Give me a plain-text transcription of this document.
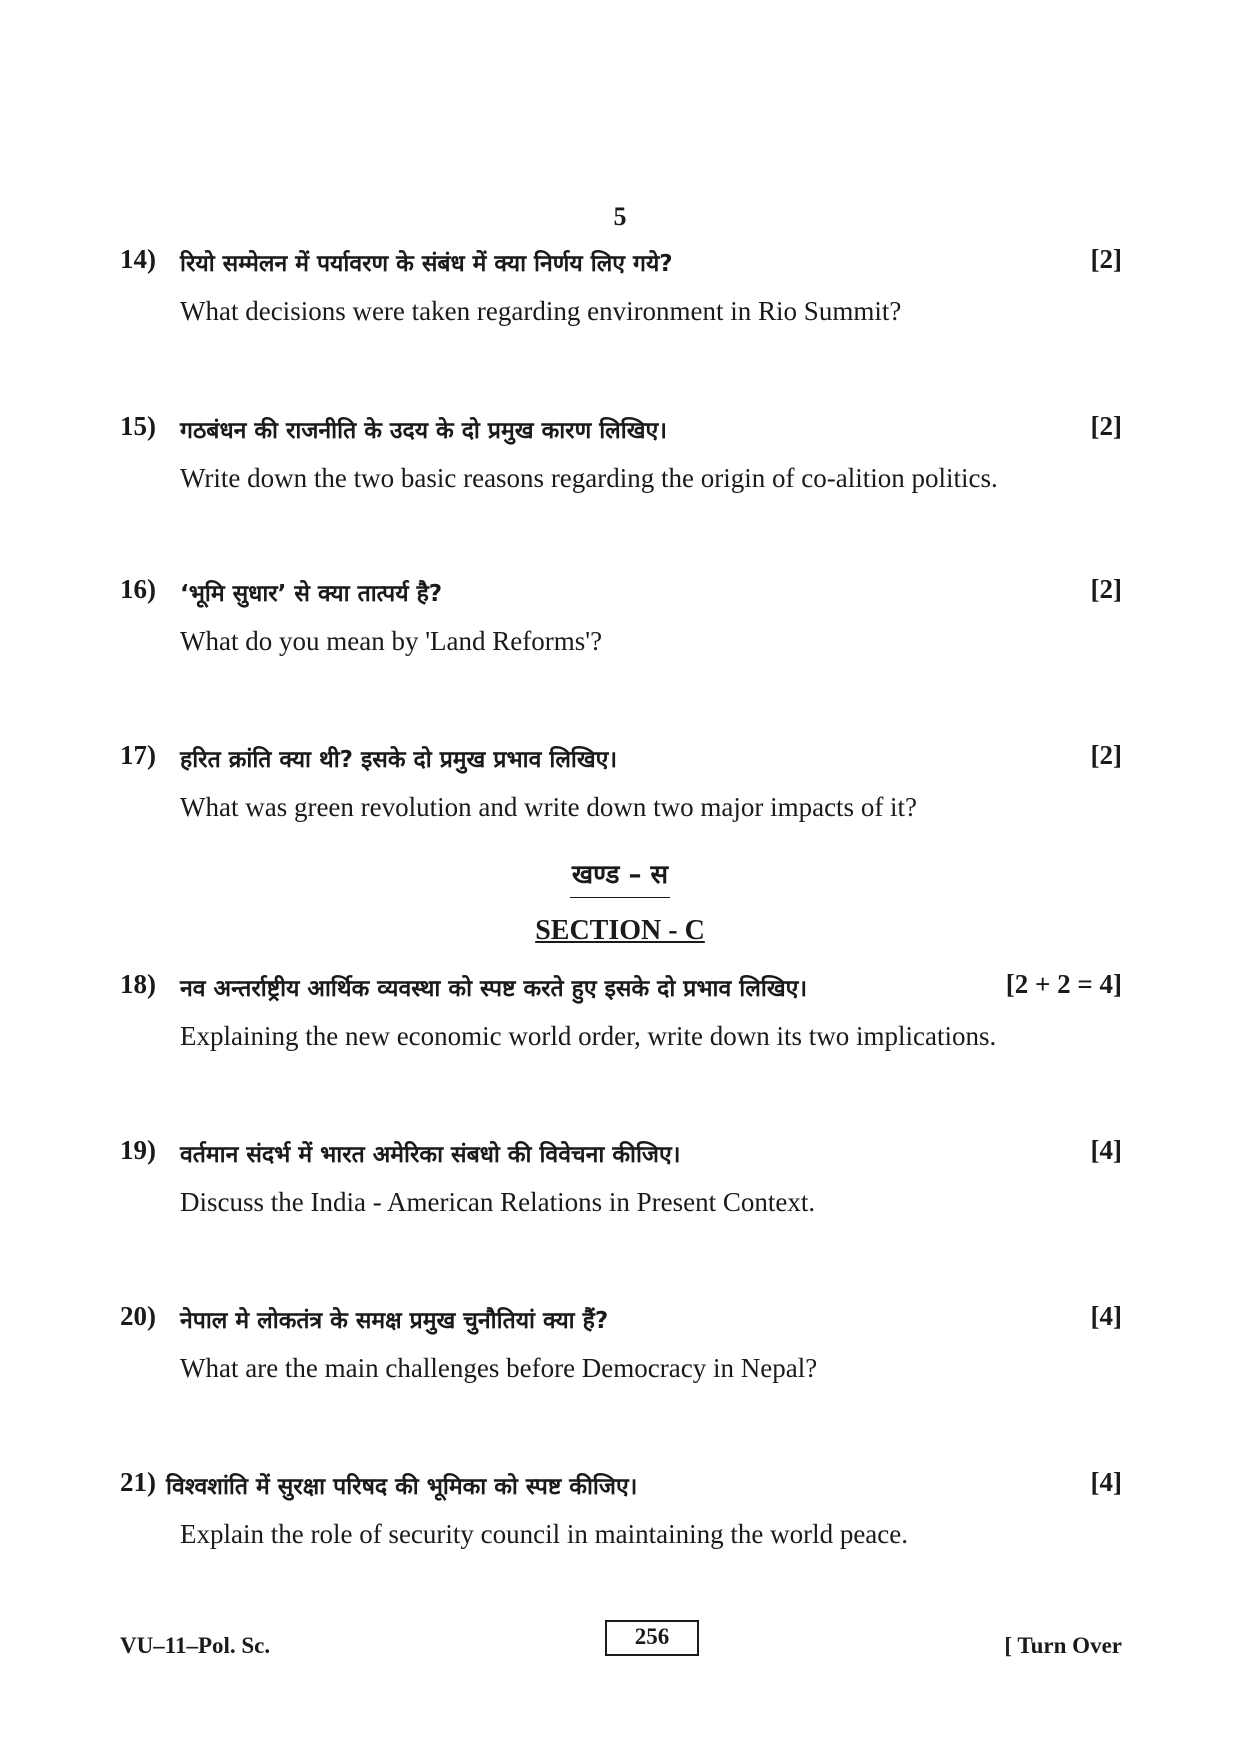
5
14) रियो सम्मेलन में पर्यावरण के संबंध में क्या निर्णय लिए गये?	[2]
What decisions were taken regarding environment in Rio Summit?
15) गठबंधन की राजनीति के उदय के दो प्रमुख कारण लिखिए।	[2]
Write down the two basic reasons regarding the origin of co-alition politics.
16) ‘भूमि सुधार’ से क्या तात्पर्य है?	[2]
What do you mean by 'Land Reforms'?
17) हरित क्रांति क्या थी? इसके दो प्रमुख प्रभाव लिखिए।	[2]
What was green revolution and write down two major impacts of it?
खण्ड – स
SECTION - C
18) नव अन्तर्राष्ट्रीय आर्थिक व्यवस्था को स्पष्ट करते हुए इसके दो प्रभाव लिखिए।	[2 + 2 = 4]
Explaining the new economic world order, write down its two implications.
19) वर्तमान संदर्भ में भारत अमेरिका संबधो की विवेचना कीजिए।	[4]
Discuss the India - American Relations in Present Context.
20) नेपाल मे लोकतंत्र के समक्ष प्रमुख चुनौतियां क्या हैं?	[4]
What are the main challenges before Democracy in Nepal?
21) विश्वशांति में सुरक्षा परिषद की भूमिका को स्पष्ट कीजिए।	[4]
Explain the role of security council in maintaining the world peace.
VU–11–Pol. Sc.	256	[ Turn Over
